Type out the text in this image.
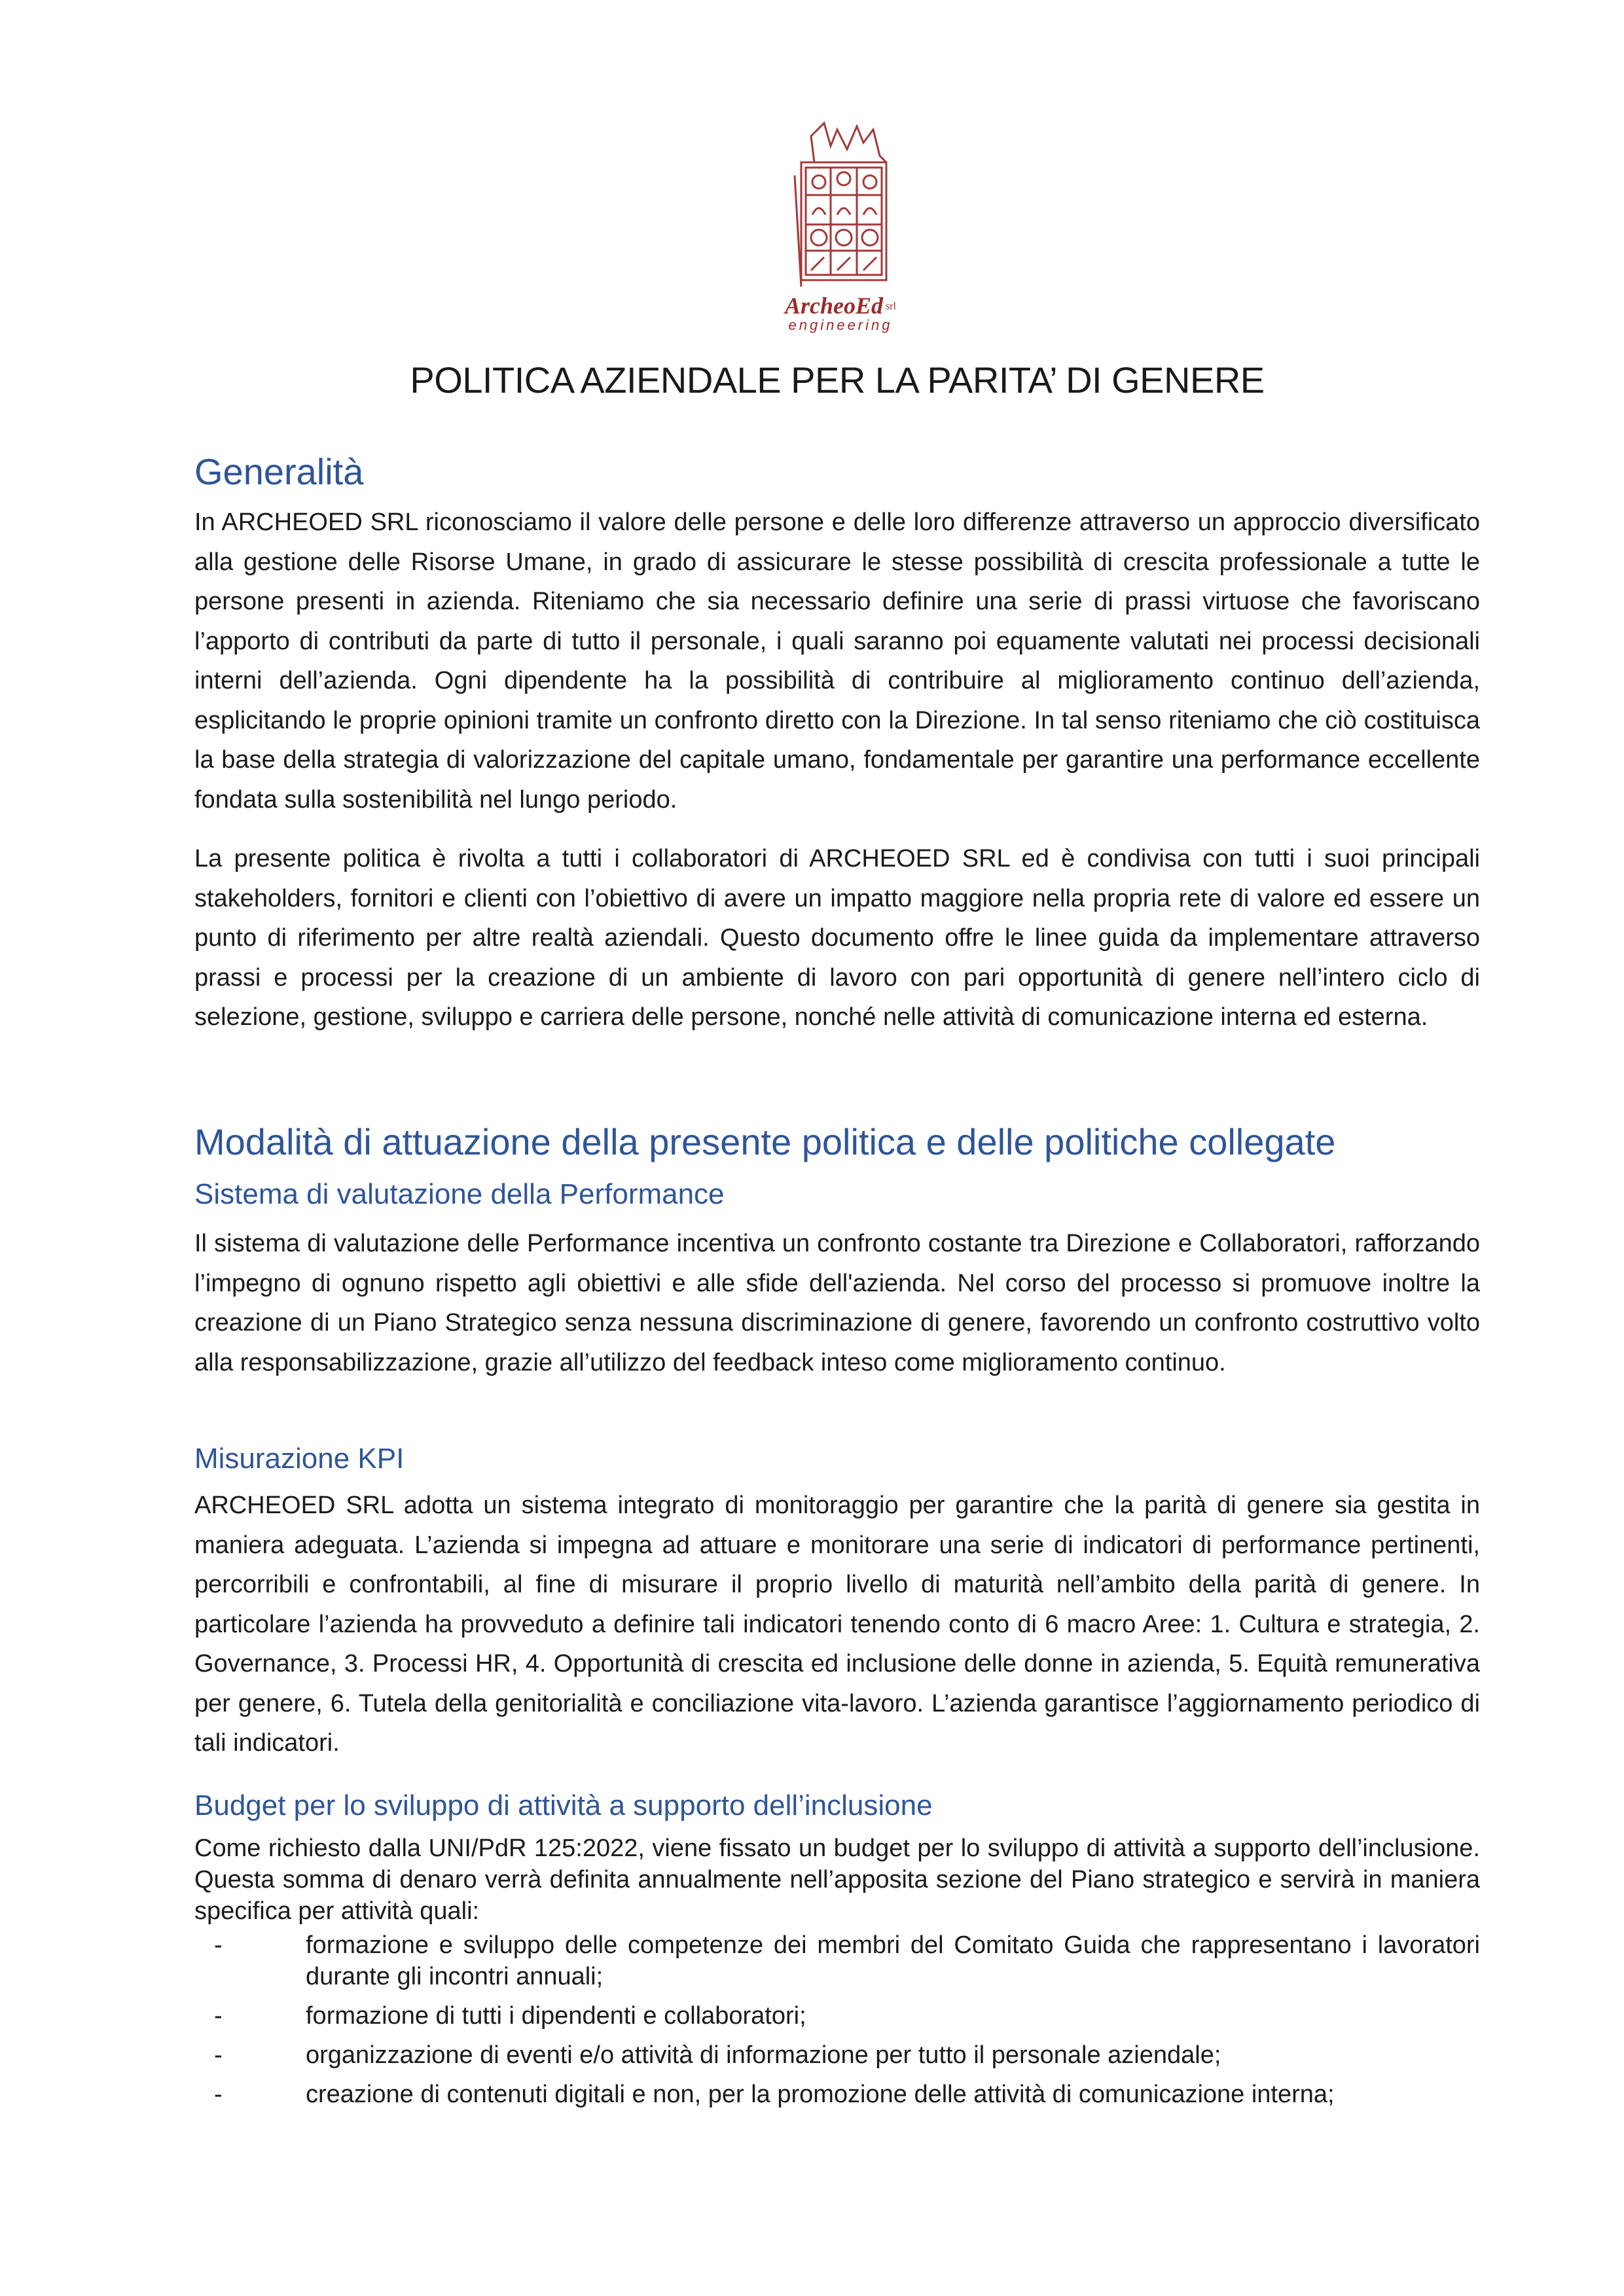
ArcheoEd srl
engineering
POLITICA AZIENDALE PER LA PARITA’ DI GENERE
Generalità

In ARCHEOED SRL riconosciamo il valore delle persone e delle loro differenze attraverso un approccio diversificato alla gestione delle Risorse Umane, in grado di assicurare le stesse possibilità di crescita professionale a tutte le persone presenti in azienda. Riteniamo che sia necessario definire una serie di prassi virtuose che favoriscano l’apporto di contributi da parte di tutto il personale, i quali saranno poi equamente valutati nei processi decisionali interni dell’azienda. Ogni dipendente ha la possibilità di contribuire al miglioramento continuo dell’azienda, esplicitando le proprie opinioni tramite un confronto diretto con la Direzione. In tal senso riteniamo che ciò costituisca la base della strategia di valorizzazione del capitale umano, fondamentale per garantire una performance eccellente fondata sulla sostenibilità nel lungo periodo.

La presente politica è rivolta a tutti i collaboratori di ARCHEOED SRL ed è condivisa con tutti i suoi principali stakeholders, fornitori e clienti con l’obiettivo di avere un impatto maggiore nella propria rete di valore ed essere un punto di riferimento per altre realtà aziendali. Questo documento offre le linee guida da implementare attraverso prassi e processi per la creazione di un ambiente di lavoro con pari opportunità di genere nell’intero ciclo di selezione, gestione, sviluppo e carriera delle persone, nonché nelle attività di comunicazione interna ed esterna.

Modalità di attuazione della presente politica e delle politiche collegate
Sistema di valutazione della Performance

Il sistema di valutazione delle Performance incentiva un confronto costante tra Direzione e Collaboratori, rafforzando l’impegno di ognuno rispetto agli obiettivi e alle sfide dell'azienda. Nel corso del processo si promuove inoltre la creazione di un Piano Strategico senza nessuna discriminazione di genere, favorendo un confronto costruttivo volto alla responsabilizzazione, grazie all’utilizzo del feedback inteso come miglioramento continuo.

Misurazione KPI

ARCHEOED SRL adotta un sistema integrato di monitoraggio per garantire che la parità di genere sia gestita in maniera adeguata. L’azienda si impegna ad attuare e monitorare una serie di indicatori di performance pertinenti, percorribili e confrontabili, al fine di misurare il proprio livello di maturità nell’ambito della parità di genere. In particolare l’azienda ha provveduto a definire tali indicatori tenendo conto di 6 macro Aree: 1. Cultura e strategia, 2. Governance, 3. Processi HR, 4. Opportunità di crescita ed inclusione delle donne in azienda, 5. Equità remunerativa per genere, 6. Tutela della genitorialità e conciliazione vita-lavoro. L’azienda garantisce l’aggiornamento periodico di tali indicatori.

Budget per lo sviluppo di attività a supporto dell’inclusione

Come richiesto dalla UNI/PdR 125:2022, viene fissato un budget per lo sviluppo di attività a supporto dell’inclusione. Questa somma di denaro verrà definita annualmente nell’apposita sezione del Piano strategico e servirà in maniera specifica per attività quali:

-	formazione e sviluppo delle competenze dei membri del Comitato Guida che rappresentano i lavoratori durante gli incontri annuali;
-	formazione di tutti i dipendenti e collaboratori;
-	organizzazione di eventi e/o attività di informazione per tutto il personale aziendale;
-	creazione di contenuti digitali e non, per la promozione delle attività di comunicazione interna;
